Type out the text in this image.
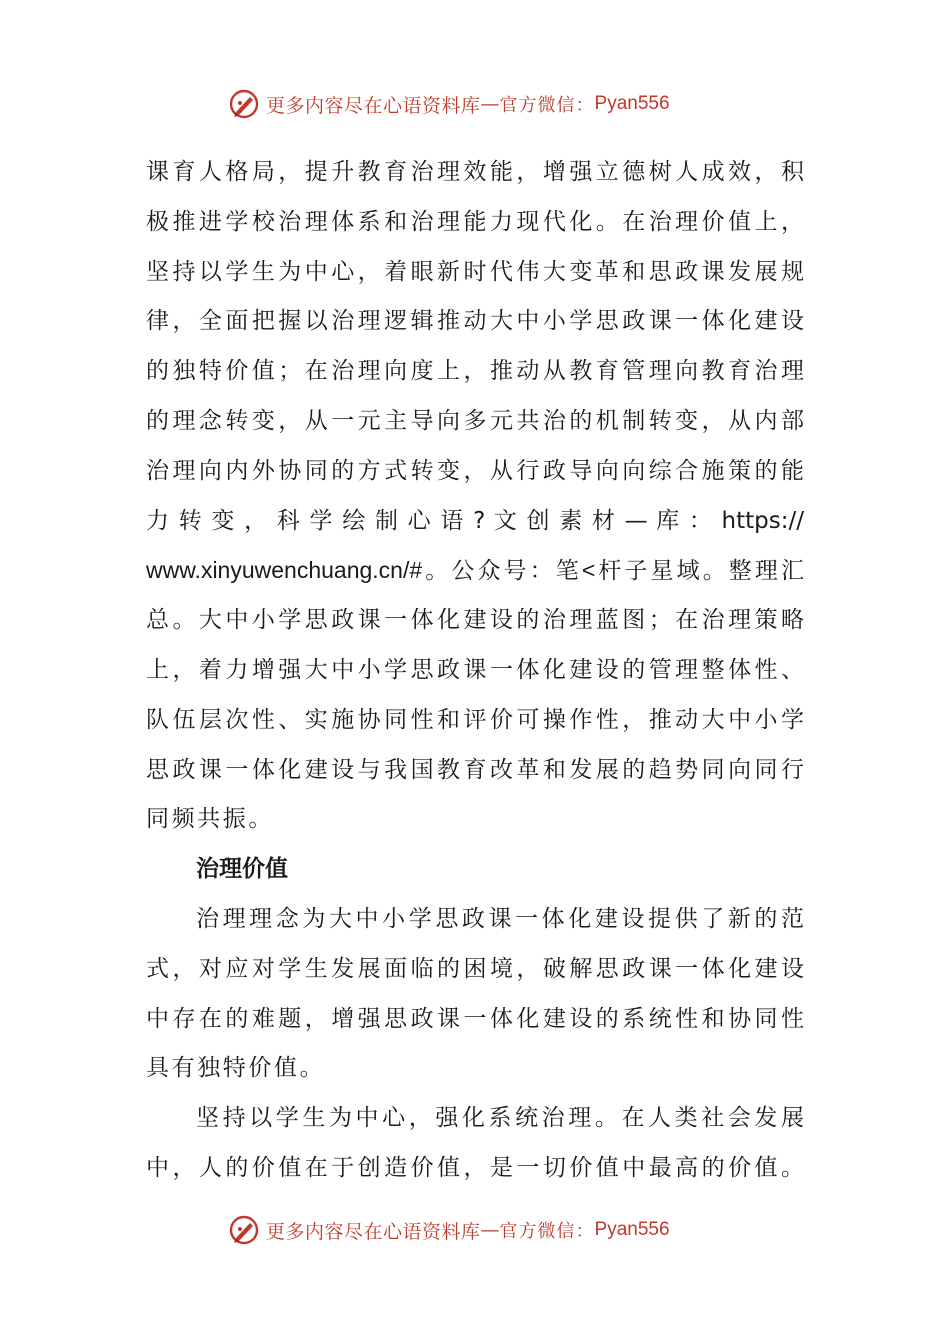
更多内容尽在心语资料库 — 官方微信： Pyan556
课育人格局，提升教育治理效能，增强立德树人成效，积
极推进学校治理体系和治理能力现代化。在治理价值上，
坚持以学生为中心，着眼新时代伟大变革和思政课发展规
律，全面把握以治理逻辑推动大中小学思政课一体化建设
的独特价值；在治理向度上，推动从教育管理向教育治理
的理念转变，从一元主导向多元共治的机制转变，从内部
治理向内外协同的方式转变，从行政导向向综合施策的能
力 转 变 ， 科 学 绘 制 心 语 ? 文 创 素 材 — 库 ： https://
www.xinyuwenchuang.cn/#。公众号：笔<杆子星域。整理汇
总。大中小学思政课一体化建设的治理蓝图；在治理策略
上，着力增强大中小学思政课一体化建设的管理整体性、
队伍层次性、实施协同性和评价可操作性，推动大中小学
思政课一体化建设与我国教育改革和发展的趋势同向同行
同频共振。
治理价值
治理理念为大中小学思政课一体化建设提供了新的范
式，对应对学生发展面临的困境，破解思政课一体化建设
中存在的难题，增强思政课一体化建设的系统性和协同性
具有独特价值。
坚持以学生为中心，强化系统治理。在人类社会发展
中，人的价值在于创造价值，是一切价值中最高的价值。
更多内容尽在心语资料库 — 官方微信： Pyan556
